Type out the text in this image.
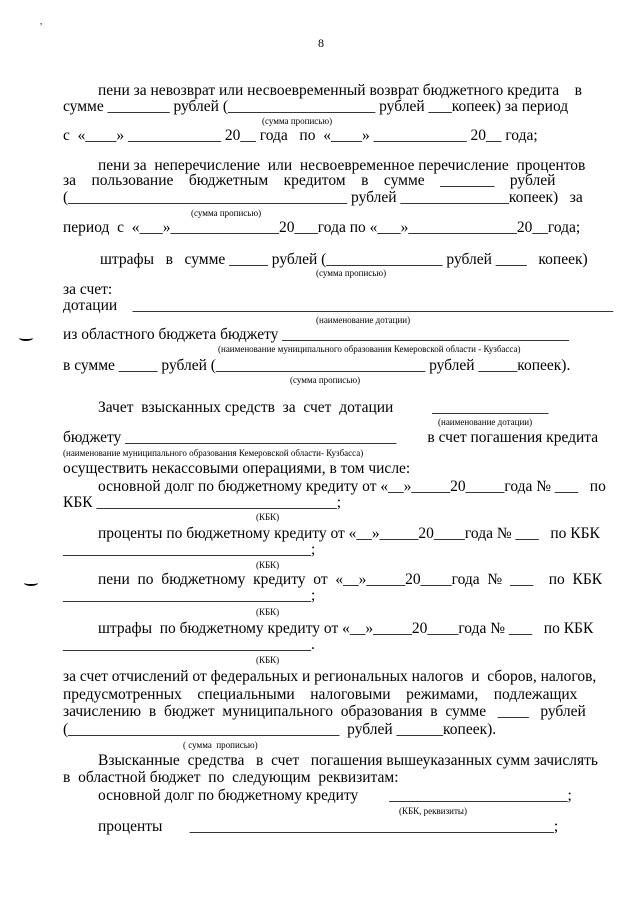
8
,
пени за невозврат или несвоевременный возврат бюджетного кредита    в
сумме ________ рублей (___________________ рублей ___копеек) за период
(сумма прописью)
с  «____» ____________ 20__ года   по  «____» ____________ 20__ года;
пени за  неперечисление  или  несвоевременное перечисление  процентов
за    пользование    бюджетным    кредитом    в    сумме    _______    рублей
(____________________________________ рублей ______________копеек)   за
(сумма прописью)
период  с  «___»______________20___года по «___»______________20__года;
штрафы   в   сумме _____ рублей (_______________ рублей ____   копеек)
(сумма прописью)
за счет:
дотации    ______________________________________________________________
(наименование дотации)
из областного бюджета бюджету _____________________________________
(наименование муниципального образования Кемеровской области - Кузбасса)
в сумме _____ рублей (___________________________ рублей _____копеек).
(сумма прописью)
Зачет  взысканных средств  за  счет  дотации          _______________
(наименование дотации)
бюджету ___________________________________        в счет погашения кредита
(наименование муниципального образования Кемеровской области- Кузбасса)
осуществить некассовыми операциями, в том числе:
основной долг по бюджетному кредиту от «__»_____20_____года № ___   по
КБК _______________________________;
(КБК)
проценты по бюджетному кредиту от «__»_____20____года № ___   по КБК
________________________________;
(КБК)
пени  по  бюджетному  кредиту  от  «__»_____20____года  №  ___    по  КБК
________________________________;
(КБК)
штрафы  по бюджетному кредиту от «__»_____20____года № ___   по КБК
________________________________.
(КБК)
за счет отчислений от федеральных и региональных налогов  и  сборов, налогов,
предусмотренных    специальными    налоговыми    режимами,    подлежащих
зачислению  в  бюджет  муниципального  образования  в  сумме   ____   рублей
(___________________________________  рублей ______копеек).
( сумма  прописью)
Взысканные  средства   в  счет   погашения вышеуказанных сумм зачислять
в  областной бюджет  по  следующим  реквизитам:
основной долг по бюджетному кредиту        _______________________;
(КБК, реквизиты)
проценты       _______________________________________________;
